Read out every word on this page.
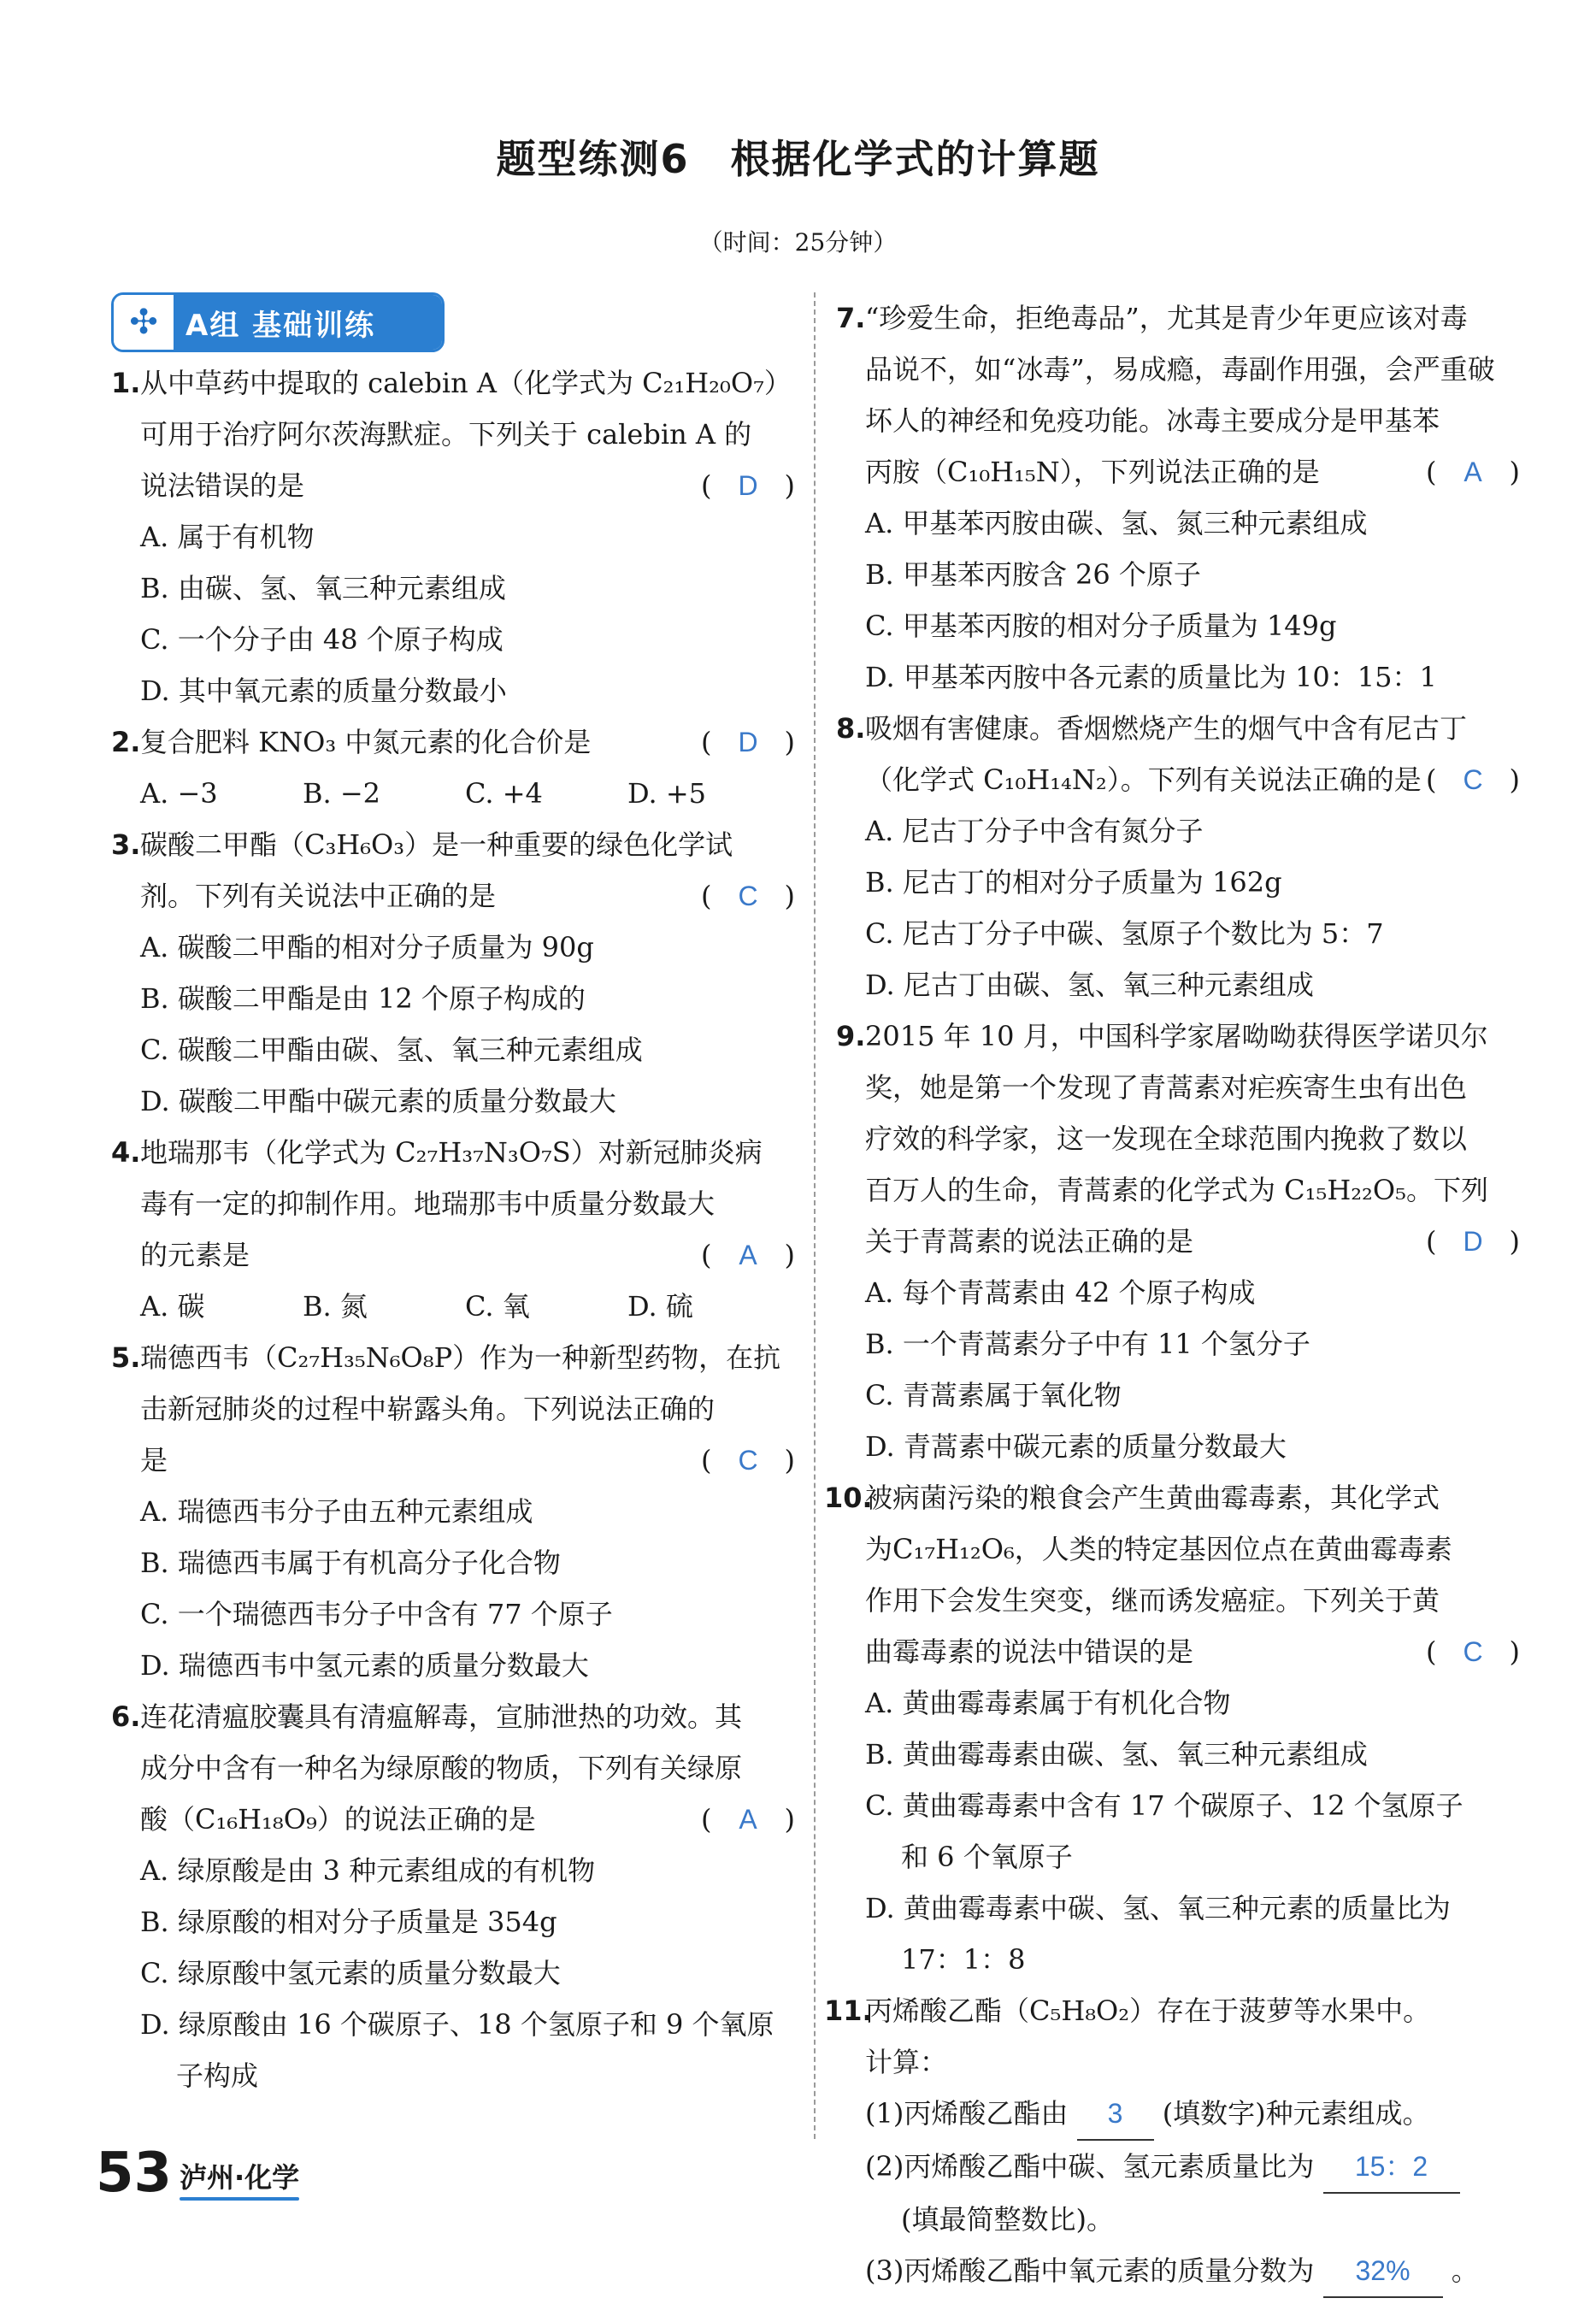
题型练测6　根据化学式的计算题
（时间：25分钟）
✣ A组 基础训练
1. 从中草药中提取的 calebin A（化学式为 C₂₁H₂₀O₇）
可用于治疗阿尔茨海默症。下列关于 calebin A 的
说法错误的是	( D )
A. 属于有机物
B. 由碳、氢、氧三种元素组成
C. 一个分子由 48 个原子构成
D. 其中氧元素的质量分数最小
2. 复合肥料 KNO₃ 中氮元素的化合价是	( D )
A. −3	B. −2	C. +4	D. +5
3. 碳酸二甲酯（C₃H₆O₃）是一种重要的绿色化学试
剂。下列有关说法中正确的是	( C )
A. 碳酸二甲酯的相对分子质量为 90g
B. 碳酸二甲酯是由 12 个原子构成的
C. 碳酸二甲酯由碳、氢、氧三种元素组成
D. 碳酸二甲酯中碳元素的质量分数最大
4. 地瑞那韦（化学式为 C₂₇H₃₇N₃O₇S）对新冠肺炎病
毒有一定的抑制作用。地瑞那韦中质量分数最大
的元素是	( A )
A. 碳	B. 氮	C. 氧	D. 硫
5. 瑞德西韦（C₂₇H₃₅N₆O₈P）作为一种新型药物，在抗
击新冠肺炎的过程中崭露头角。下列说法正确的
是	( C )
A. 瑞德西韦分子由五种元素组成
B. 瑞德西韦属于有机高分子化合物
C. 一个瑞德西韦分子中含有 77 个原子
D. 瑞德西韦中氢元素的质量分数最大
6. 连花清瘟胶囊具有清瘟解毒，宣肺泄热的功效。其
成分中含有一种名为绿原酸的物质，下列有关绿原
酸（C₁₆H₁₈O₉）的说法正确的是	( A )
A. 绿原酸是由 3 种元素组成的有机物
B. 绿原酸的相对分子质量是 354g
C. 绿原酸中氢元素的质量分数最大
D. 绿原酸由 16 个碳原子、18 个氢原子和 9 个氧原
子构成
7. “珍爱生命，拒绝毒品”，尤其是青少年更应该对毒
品说不，如“冰毒”，易成瘾，毒副作用强，会严重破
坏人的神经和免疫功能。冰毒主要成分是甲基苯
丙胺（C₁₀H₁₅N），下列说法正确的是	( A )
A. 甲基苯丙胺由碳、氢、氮三种元素组成
B. 甲基苯丙胺含 26 个原子
C. 甲基苯丙胺的相对分子质量为 149g
D. 甲基苯丙胺中各元素的质量比为 10：15：1
8. 吸烟有害健康。香烟燃烧产生的烟气中含有尼古丁
（化学式 C₁₀H₁₄N₂）。下列有关说法正确的是 ( C )
A. 尼古丁分子中含有氮分子
B. 尼古丁的相对分子质量为 162g
C. 尼古丁分子中碳、氢原子个数比为 5：7
D. 尼古丁由碳、氢、氧三种元素组成
9. 2015 年 10 月，中国科学家屠呦呦获得医学诺贝尔
奖，她是第一个发现了青蒿素对疟疾寄生虫有出色
疗效的科学家，这一发现在全球范围内挽救了数以
百万人的生命，青蒿素的化学式为 C₁₅H₂₂O₅。下列
关于青蒿素的说法正确的是	( D )
A. 每个青蒿素由 42 个原子构成
B. 一个青蒿素分子中有 11 个氢分子
C. 青蒿素属于氧化物
D. 青蒿素中碳元素的质量分数最大
10.
被病菌污染的粮食会产生黄曲霉毒素，其化学式
为C₁₇H₁₂O₆，人类的特定基因位点在黄曲霉毒素
作用下会发生突变，继而诱发癌症。下列关于黄
曲霉毒素的说法中错误的是	( C )
A. 黄曲霉毒素属于有机化合物
B. 黄曲霉毒素由碳、氢、氧三种元素组成
C. 黄曲霉毒素中含有 17 个碳原子、12 个氢原子
和 6 个氧原子
D. 黄曲霉毒素中碳、氢、氧三种元素的质量比为
17：1：8
11.
丙烯酸乙酯（C₅H₈O₂）存在于菠萝等水果中。
计算：
(1)丙烯酸乙酯由 3 (填数字)种元素组成。
(2)丙烯酸乙酯中碳、氢元素质量比为 15：2
(填最简整数比)。
(3)丙烯酸乙酯中氧元素的质量分数为 32% 。
53 泸州·化学
